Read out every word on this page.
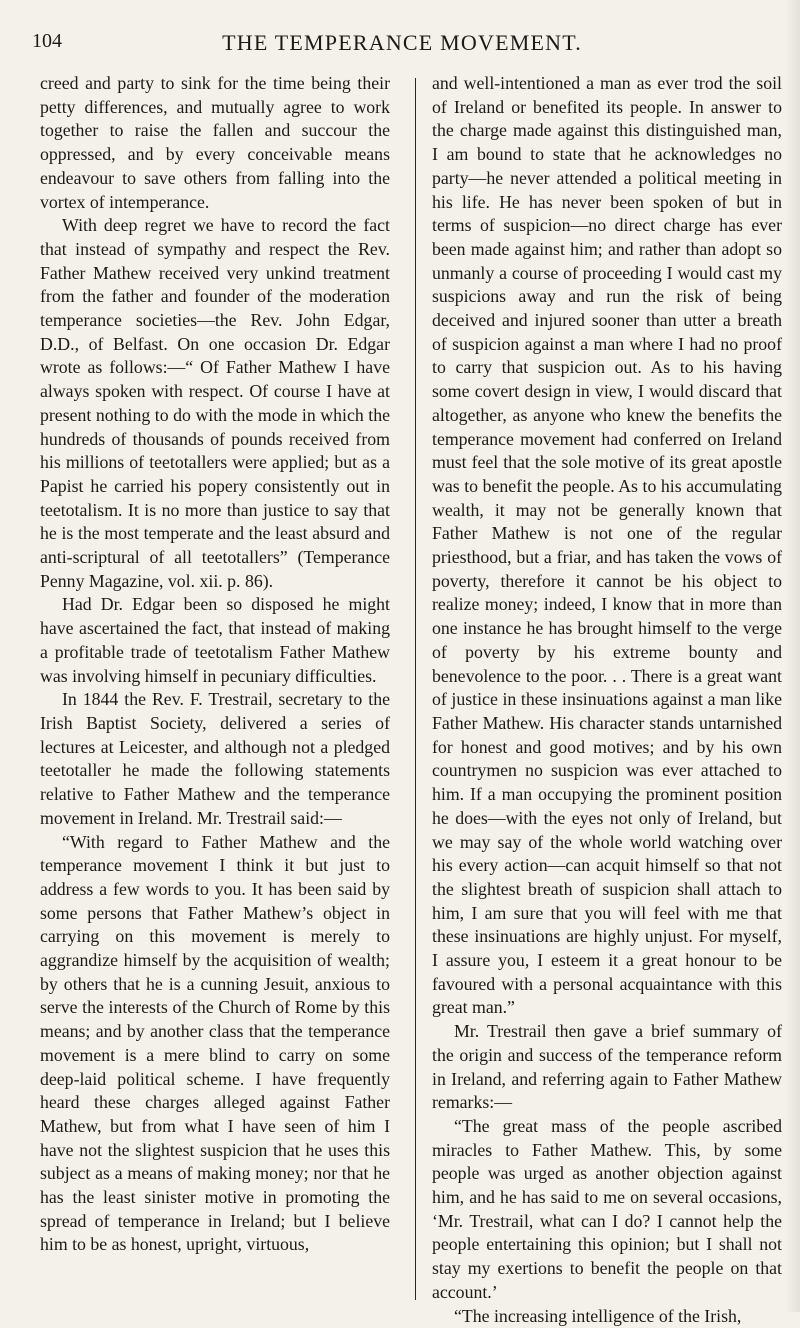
104	THE TEMPERANCE MOVEMENT.

creed and party to sink for the time being their petty differences, and mutually agree to work together to raise the fallen and succour the oppressed, and by every conceivable means endeavour to save others from falling into the vortex of intemperance.

With deep regret we have to record the fact that instead of sympathy and respect the Rev. Father Mathew received very unkind treatment from the father and founder of the moderation temperance societies—the Rev. John Edgar, D.D., of Belfast. On one occasion Dr. Edgar wrote as follows:—“ Of Father Mathew I have always spoken with respect. Of course I have at present nothing to do with the mode in which the hundreds of thousands of pounds received from his millions of teetotallers were applied; but as a Papist he carried his popery consistently out in teetotalism. It is no more than justice to say that he is the most temperate and the least absurd and anti-scriptural of all teetotallers” (Temperance Penny Magazine, vol. xii. p. 86).

Had Dr. Edgar been so disposed he might have ascertained the fact, that instead of making a profitable trade of teetotalism Father Mathew was involving himself in pecuniary difficulties.

In 1844 the Rev. F. Trestrail, secretary to the Irish Baptist Society, delivered a series of lectures at Leicester, and although not a pledged teetotaller he made the following statements relative to Father Mathew and the temperance movement in Ireland. Mr. Trestrail said:—

“With regard to Father Mathew and the temperance movement I think it but just to address a few words to you. It has been said by some persons that Father Mathew’s object in carrying on this movement is merely to aggrandize himself by the acquisition of wealth; by others that he is a cunning Jesuit, anxious to serve the interests of the Church of Rome by this means; and by another class that the temperance movement is a mere blind to carry on some deep-laid political scheme. I have frequently heard these charges alleged against Father Mathew, but from what I have seen of him I have not the slightest suspicion that he uses this subject as a means of making money; nor that he has the least sinister motive in promoting the spread of temperance in Ireland; but I believe him to be as honest, upright, virtuous,

and well-intentioned a man as ever trod the soil of Ireland or benefited its people. In answer to the charge made against this distinguished man, I am bound to state that he acknowledges no party—he never attended a political meeting in his life. He has never been spoken of but in terms of suspicion—no direct charge has ever been made against him; and rather than adopt so unmanly a course of proceeding I would cast my suspicions away and run the risk of being deceived and injured sooner than utter a breath of suspicion against a man where I had no proof to carry that suspicion out. As to his having some covert design in view, I would discard that altogether, as anyone who knew the benefits the temperance movement had conferred on Ireland must feel that the sole motive of its great apostle was to benefit the people. As to his accumulating wealth, it may not be generally known that Father Mathew is not one of the regular priesthood, but a friar, and has taken the vows of poverty, therefore it cannot be his object to realize money; indeed, I know that in more than one instance he has brought himself to the verge of poverty by his extreme bounty and benevolence to the poor. . . There is a great want of justice in these insinuations against a man like Father Mathew. His character stands untarnished for honest and good motives; and by his own countrymen no suspicion was ever attached to him. If a man occupying the prominent position he does—with the eyes not only of Ireland, but we may say of the whole world watching over his every action—can acquit himself so that not the slightest breath of suspicion shall attach to him, I am sure that you will feel with me that these insinuations are highly unjust. For myself, I assure you, I esteem it a great honour to be favoured with a personal acquaintance with this great man.”

Mr. Trestrail then gave a brief summary of the origin and success of the temperance reform in Ireland, and referring again to Father Mathew remarks:—

“The great mass of the people ascribed miracles to Father Mathew. This, by some people was urged as another objection against him, and he has said to me on several occasions, ‘Mr. Trestrail, what can I do? I cannot help the people entertaining this opinion; but I shall not stay my exertions to benefit the people on that account.’

“The increasing intelligence of the Irish,
